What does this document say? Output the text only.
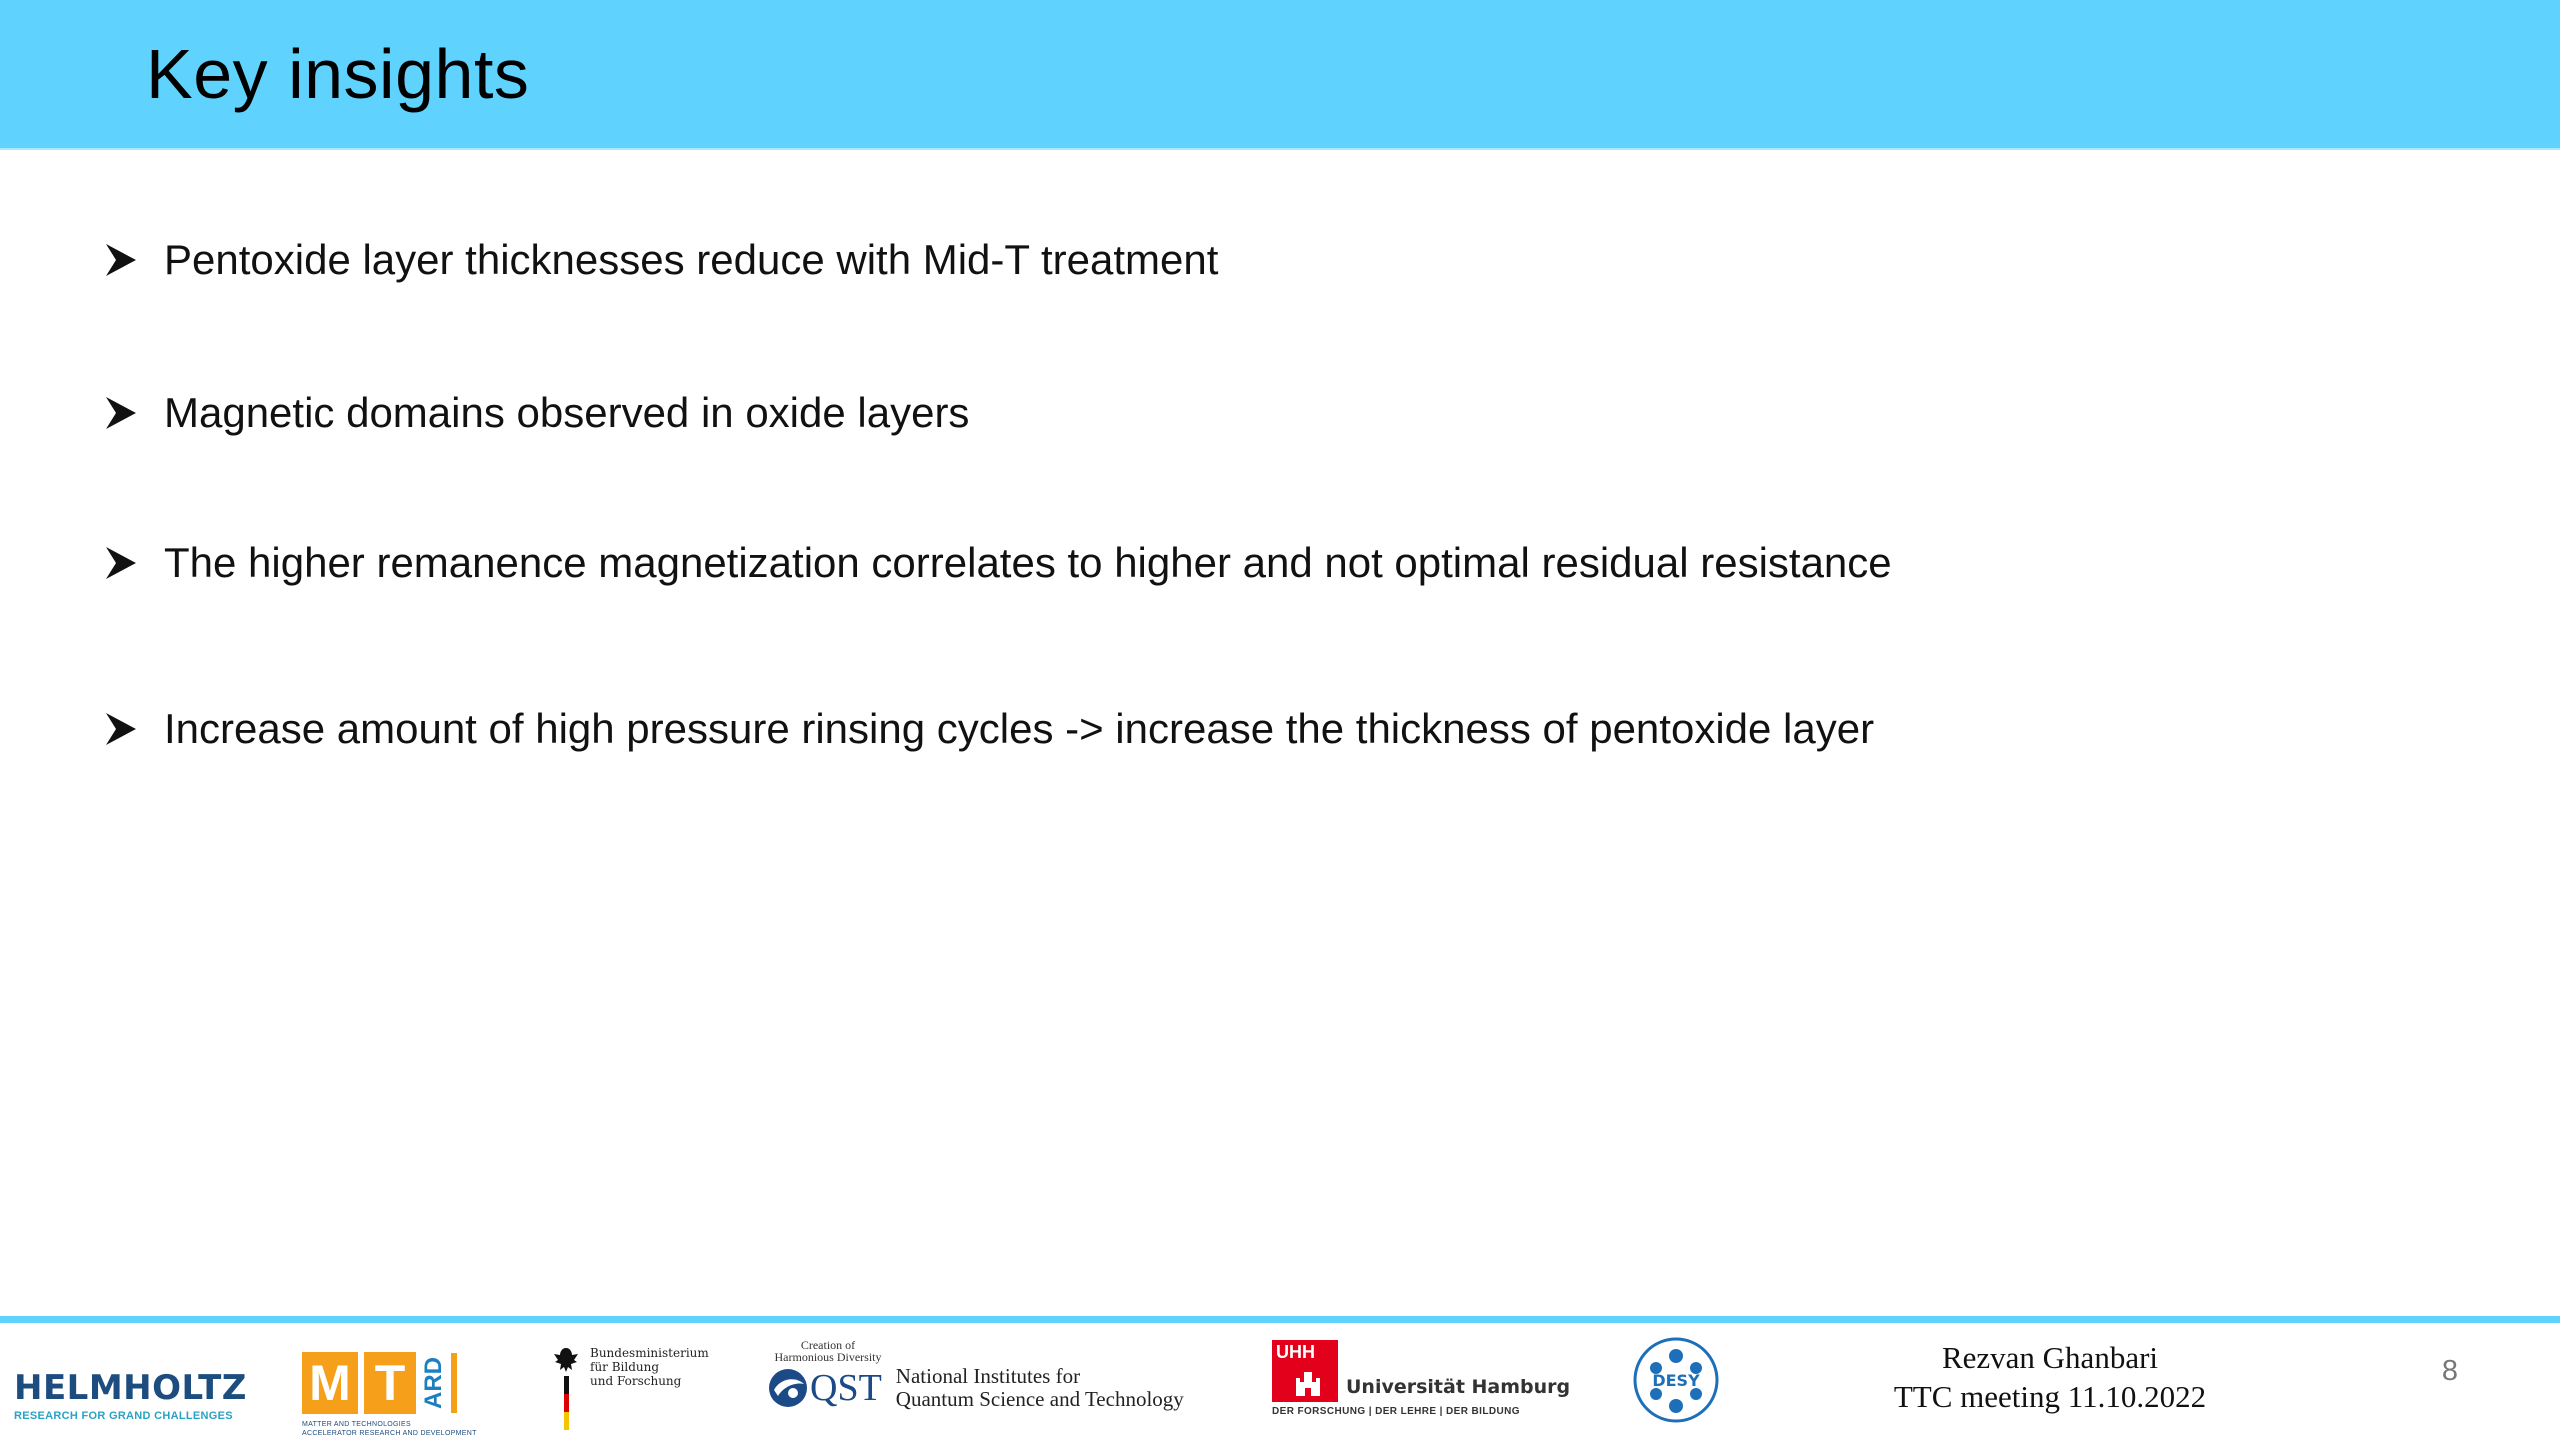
Key insights
Pentoxide layer thicknesses reduce with Mid-T treatment
Magnetic domains observed in oxide layers
The higher remanence magnetization correlates to higher and not optimal residual resistance
Increase amount of high pressure rinsing cycles -> increase the thickness of pentoxide layer
HELMHOLTZ
RESEARCH FOR GRAND CHALLENGES
M T ARD
MATTER AND TECHNOLOGIES
ACCELERATOR RESEARCH AND DEVELOPMENT
Bundesministerium
für Bildung
und Forschung
Creation of
Harmonious Diversity
QST National Institutes for
Quantum Science and Technology
UHH
Universität Hamburg
DER FORSCHUNG | DER LEHRE | DER BILDUNG
DESY
Rezvan Ghanbari
TTC meeting 11.10.2022
8
